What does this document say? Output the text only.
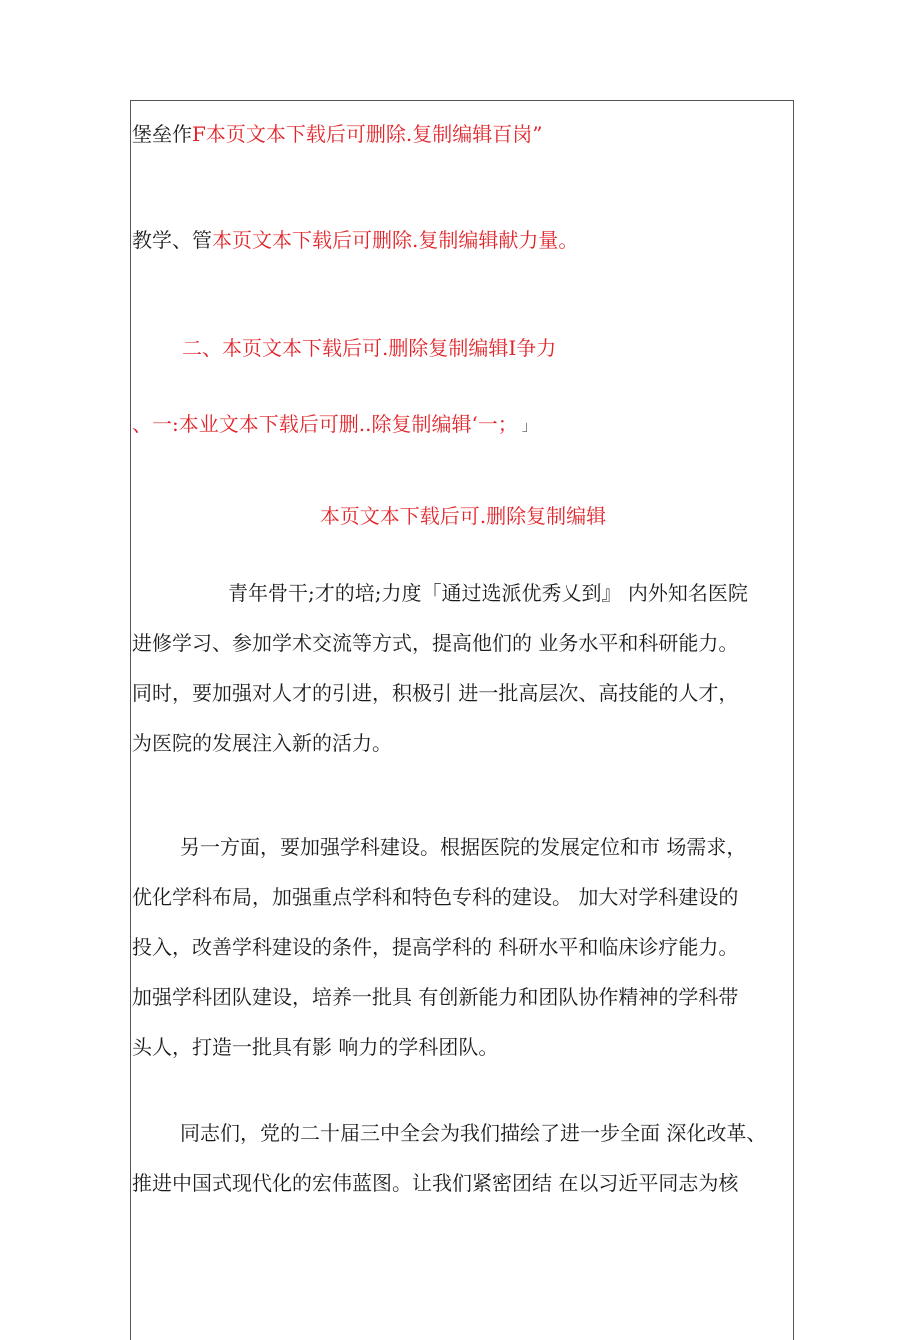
堡垒作F本页文本下载后可删除.复制编辑百岗”
教学、管本页文本下载后可删除.复制编辑献力量。
二、本页文本下载后可.删除复制编辑I争力
、一:本业文本下载后可删..除复制编辑‘一； 」
本页文本下载后可.删除复制编辑
青年骨干;才的培;力度「通过选派优秀乂到』 内外知名医院
进修学习、参加学术交流等方式，提高他们的 业务水平和科研能力。
同时，要加强对人才的引进，积极引 进一批高层次、高技能的人才，
为医院的发展注入新的活力。
另一方面，要加强学科建设。根据医院的发展定位和市 场需求，
优化学科布局，加强重点学科和特色专科的建设。 加大对学科建设的
投入，改善学科建设的条件，提高学科的 科研水平和临床诊疗能力。
加强学科团队建设，培养一批具 有创新能力和团队协作精神的学科带
头人，打造一批具有影 响力的学科团队。
同志们，党的二十届三中全会为我们描绘了进一步全面 深化改革、
推进中国式现代化的宏伟蓝图。让我们紧密团结 在以习近平同志为核
